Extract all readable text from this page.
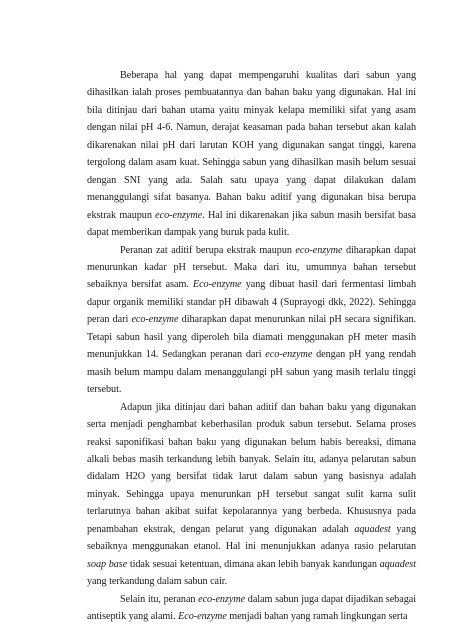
Beberapa hal yang dapat mempengaruhi kualitas dari sabun yang dihasilkan ialah proses pembuatannya dan bahan baku yang digunakan. Hal ini bila ditinjau dari bahan utama yaitu minyak kelapa memiliki sifat yang asam dengan nilai pH 4-6. Namun, derajat keasaman pada bahan tersebut akan kalah dikarenakan nilai pH dari larutan KOH yang digunakan sangat tinggi, karena tergolong dalam asam kuat. Sehingga sabun yang dihasilkan masih belum sesuai dengan SNI yang ada. Salah satu upaya yang dapat dilakukan dalam menanggulangi sifat basanya. Bahan baku aditif yang digunakan bisa berupa ekstrak maupun eco-enzyme. Hal ini dikarenakan jika sabun masih bersifat basa dapat memberikan dampak yang buruk pada kulit.

Peranan zat aditif berupa ekstrak maupun eco-enzyme diharapkan dapat menurunkan kadar pH tersebut. Maka dari itu, umumnya bahan tersebut sebaiknya bersifat asam. Eco-enzyme yang dibuat hasil dari fermentasi limbah dapur organik memiliki standar pH dibawah 4 (Suprayogi dkk, 2022). Sehingga peran dari eco-enzyme diharapkan dapat menurunkan nilai pH secara signifikan. Tetapi sabun hasil yang diperoleh bila diamati menggunakan pH meter masih menunjukkan 14. Sedangkan peranan dari eco-enzyme dengan pH yang rendah masih belum mampu dalam menanggulangi pH sabun yang masih terlalu tinggi tersebut.

Adapun jika ditinjau dari bahan aditif dan bahan baku yang digunakan serta menjadi penghambat keberhasilan produk sabun tersebut. Selama proses reaksi saponifikasi bahan baku yang digunakan belum habis bereaksi, dimana alkali bebas masih terkandung lebih banyak. Selain itu, adanya pelarutan sabun didalam H2O yang bersifat tidak larut dalam sabun yang basisnya adalah minyak. Sehingga upaya menurunkan pH tersebut sangat sulit karna sulit terlarutnya bahan akibat suifat kepolarannya yang berbeda. Khususnya pada penambahan ekstrak, dengan pelarut yang digunakan adalah aquadest yang sebaiknya menggunakan etanol. Hal ini menunjukkan adanya rasio pelarutan soap base tidak sesuai ketentuan, dimana akan lebih banyak kandungan aquadest yang terkandung dalam sabun cair.

Selain itu, peranan eco-enzyme dalam sabun juga dapat dijadikan sebagai antiseptik yang alami. Eco-enzyme menjadi bahan yang ramah lingkungan serta
